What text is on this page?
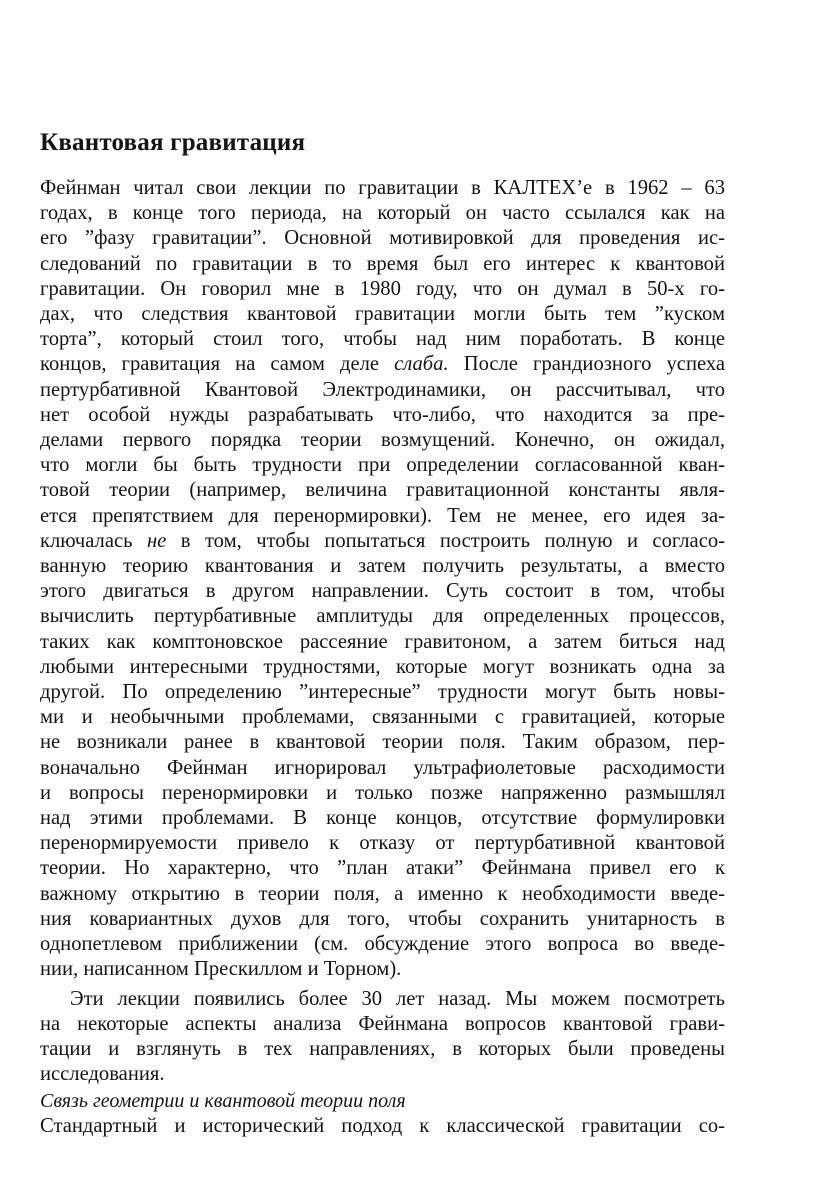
Квантовая гравитация
Фейнман читал свои лекции по гравитации в КАЛТЕХ’е в 1962 – 63
годах, в конце того периода, на который он часто ссылался как на
его ”фазу гравитации”. Основной мотивировкой для проведения ис-
следований по гравитации в то время был его интерес к квантовой
гравитации. Он говорил мне в 1980 году, что он думал в 50-х го-
дах, что следствия квантовой гравитации могли быть тем ”куском
торта”, который стоил того, чтобы над ним поработать. В конце
концов, гравитация на самом деле слаба. После грандиозного успеха
пертурбативной Квантовой Электродинамики, он рассчитывал, что
нет особой нужды разрабатывать что-либо, что находится за пре-
делами первого порядка теории возмущений. Конечно, он ожидал,
что могли бы быть трудности при определении согласованной кван-
товой теории (например, величина гравитационной константы явля-
ется препятствием для перенормировки). Тем не менее, его идея за-
ключалась не в том, чтобы попытаться построить полную и согласо-
ванную теорию квантования и затем получить результаты, а вместо
этого двигаться в другом направлении. Суть состоит в том, чтобы
вычислить пертурбативные амплитуды для определенных процессов,
таких как комптоновское рассеяние гравитоном, а затем биться над
любыми интересными трудностями, которые могут возникать одна за
другой. По определению ”интересные” трудности могут быть новы-
ми и необычными проблемами, связанными с гравитацией, которые
не возникали ранее в квантовой теории поля. Таким образом, пер-
воначально Фейнман игнорировал ультрафиолетовые расходимости
и вопросы перенормировки и только позже напряженно размышлял
над этими проблемами. В конце концов, отсутствие формулировки
перенормируемости привело к отказу от пертурбативной квантовой
теории. Но характерно, что ”план атаки” Фейнмана привел его к
важному открытию в теории поля, а именно к необходимости введе-
ния ковариантных духов для того, чтобы сохранить унитарность в
однопетлевом приближении (см. обсуждение этого вопроса во введе-
нии, написанном Прескиллом и Торном).
Эти лекции появились более 30 лет назад. Мы можем посмотреть
на некоторые аспекты анализа Фейнмана вопросов квантовой грави-
тации и взглянуть в тех направлениях, в которых были проведены
исследования.
Связь геометрии и квантовой теории поля
Стандартный и исторический подход к классической гравитации со-
